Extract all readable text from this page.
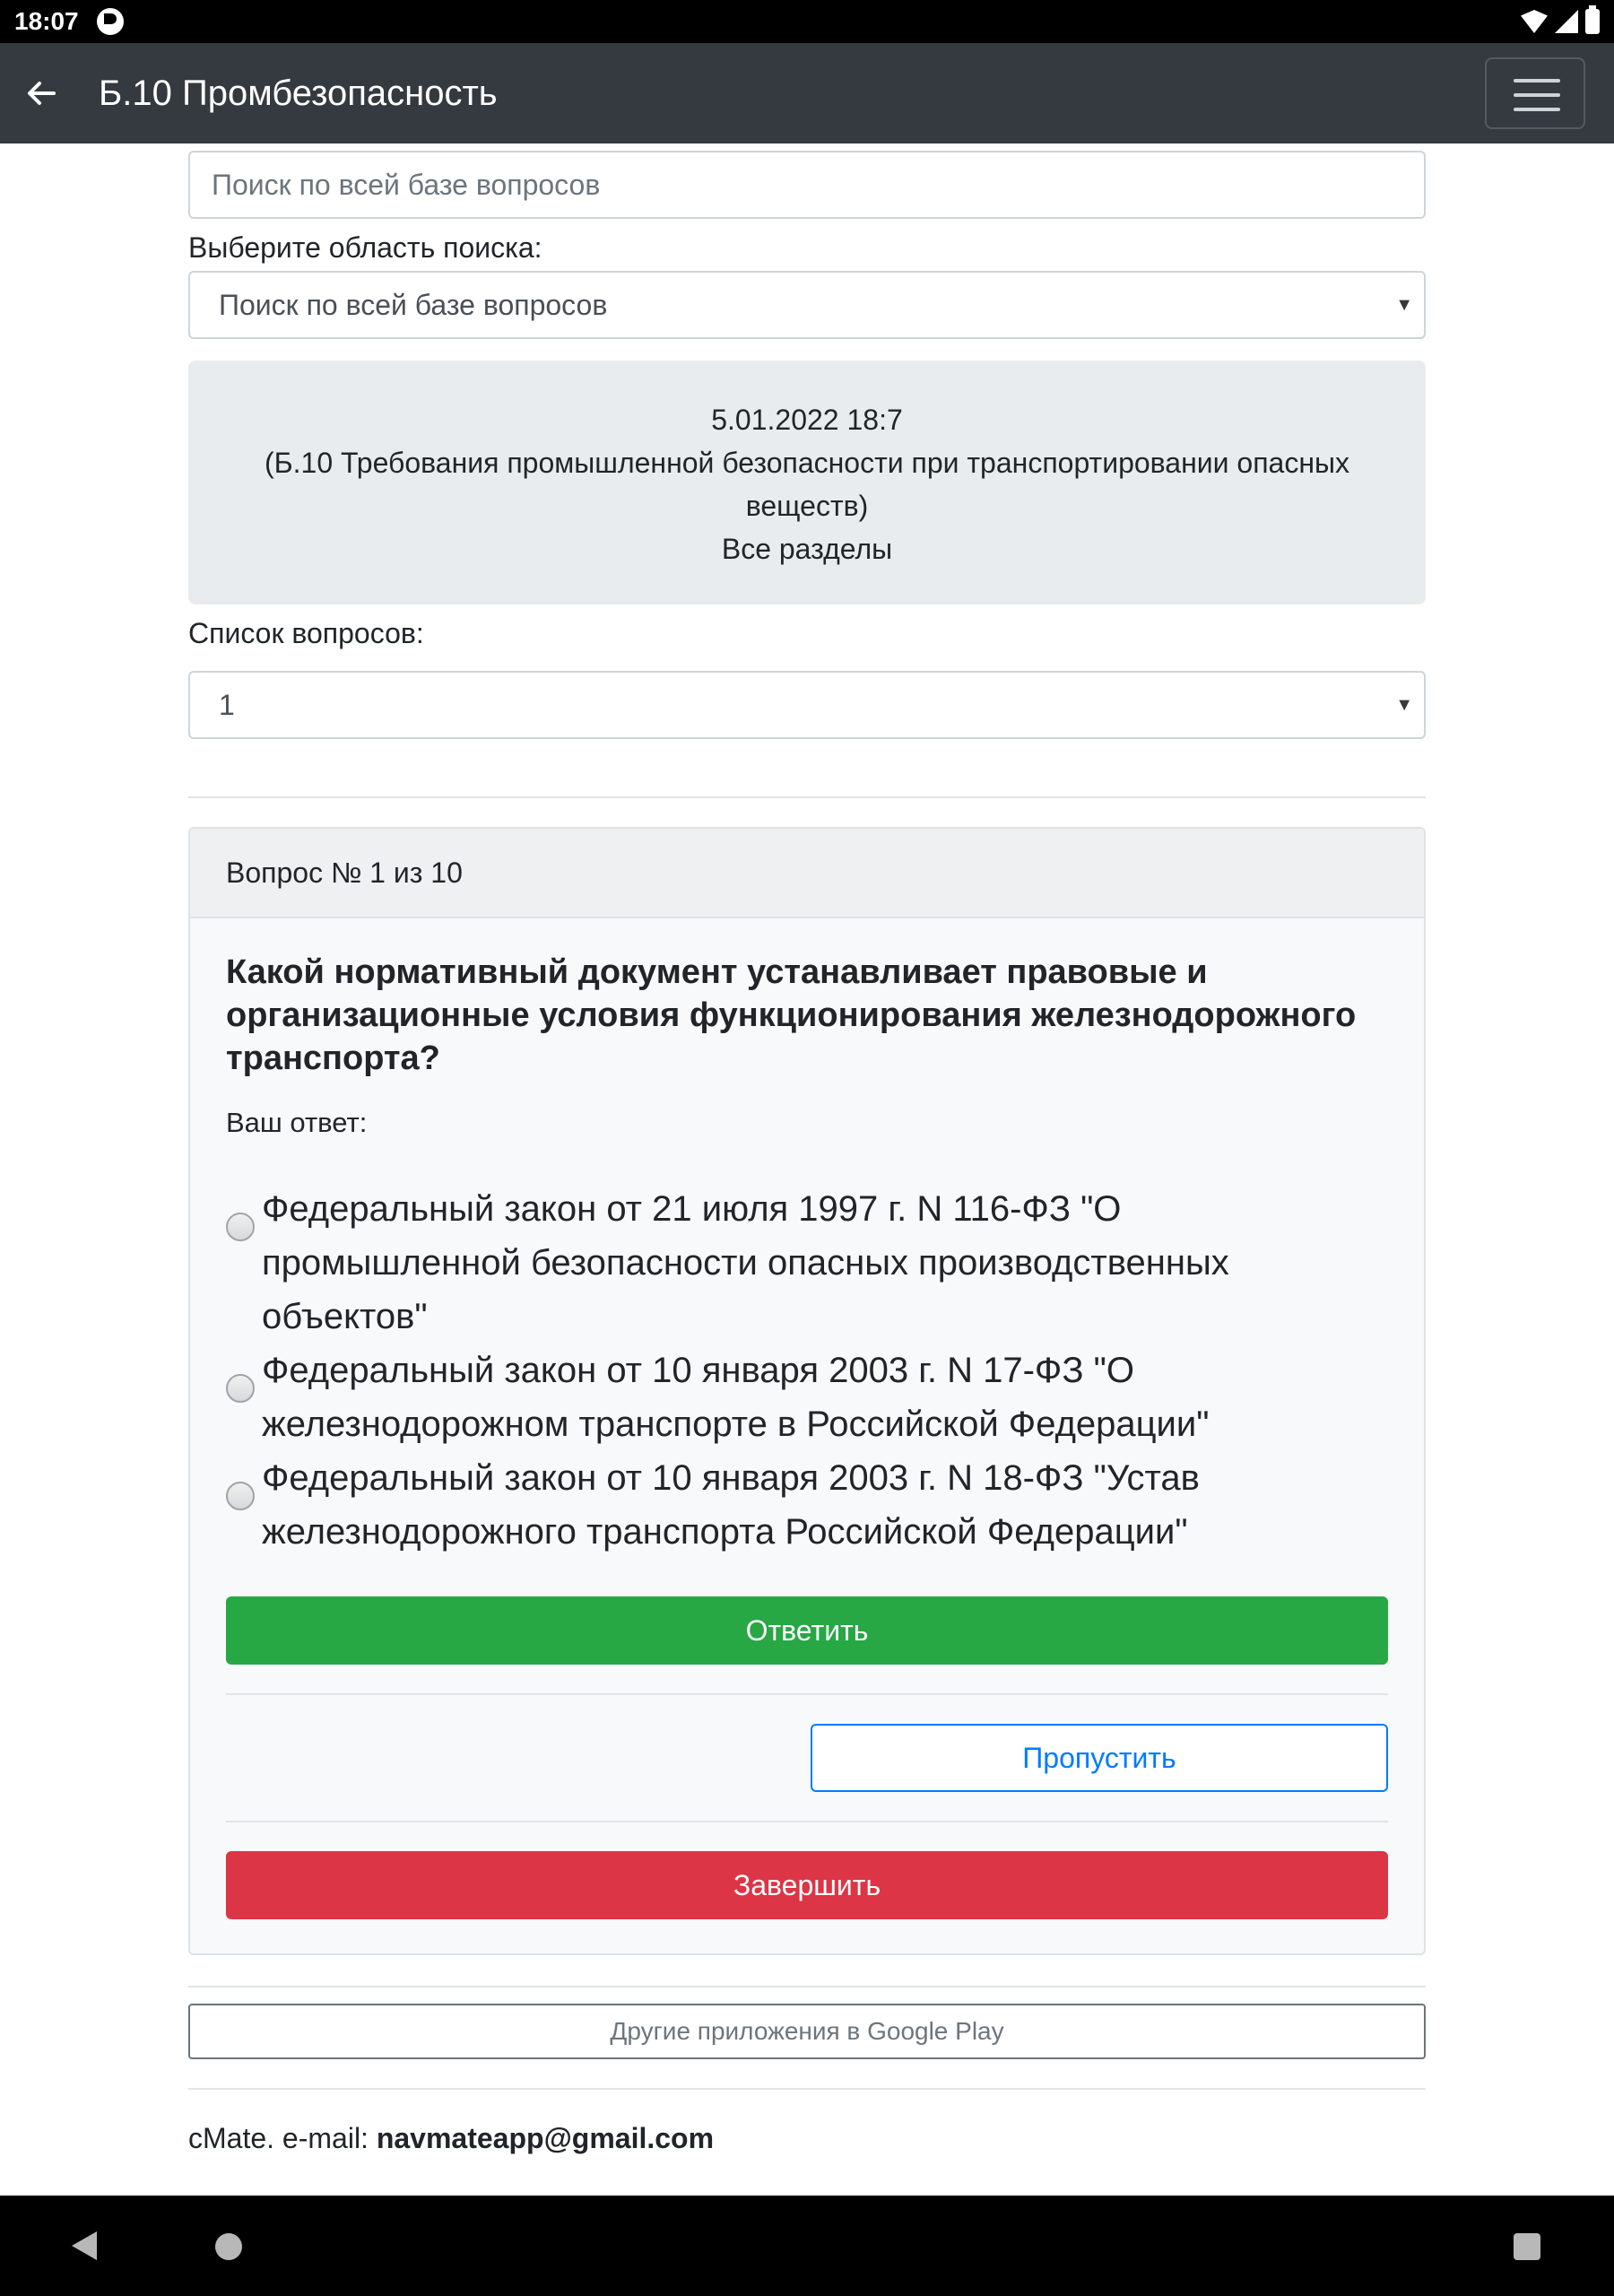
18:07
Б.10 Промбезопасность
Поиск по всей базе вопросов
Выберите область поиска:
Поиск по всей базе вопросов	▼
5.01.2022 18:7
(Б.10 Требования промышленной безопасности при транспортировании опасных веществ)
Все разделы
Список вопросов:
1	▼
Вопрос № 1 из 10
Какой нормативный документ устанавливает правовые и организационные условия функционирования железнодорожного транспорта?
Ваш ответ:
Федеральный закон от 21 июля 1997 г. N 116-ФЗ "О промышленной безопасности опасных производственных объектов"
Федеральный закон от 10 января 2003 г. N 17-ФЗ "О железнодорожном транспорте в Российской Федерации"
Федеральный закон от 10 января 2003 г. N 18-ФЗ "Устав железнодорожного транспорта Российской Федерации"
Ответить
Пропустить
Завершить
Другие приложения в Google Play
cMate. e-mail: navmateapp@gmail.com
